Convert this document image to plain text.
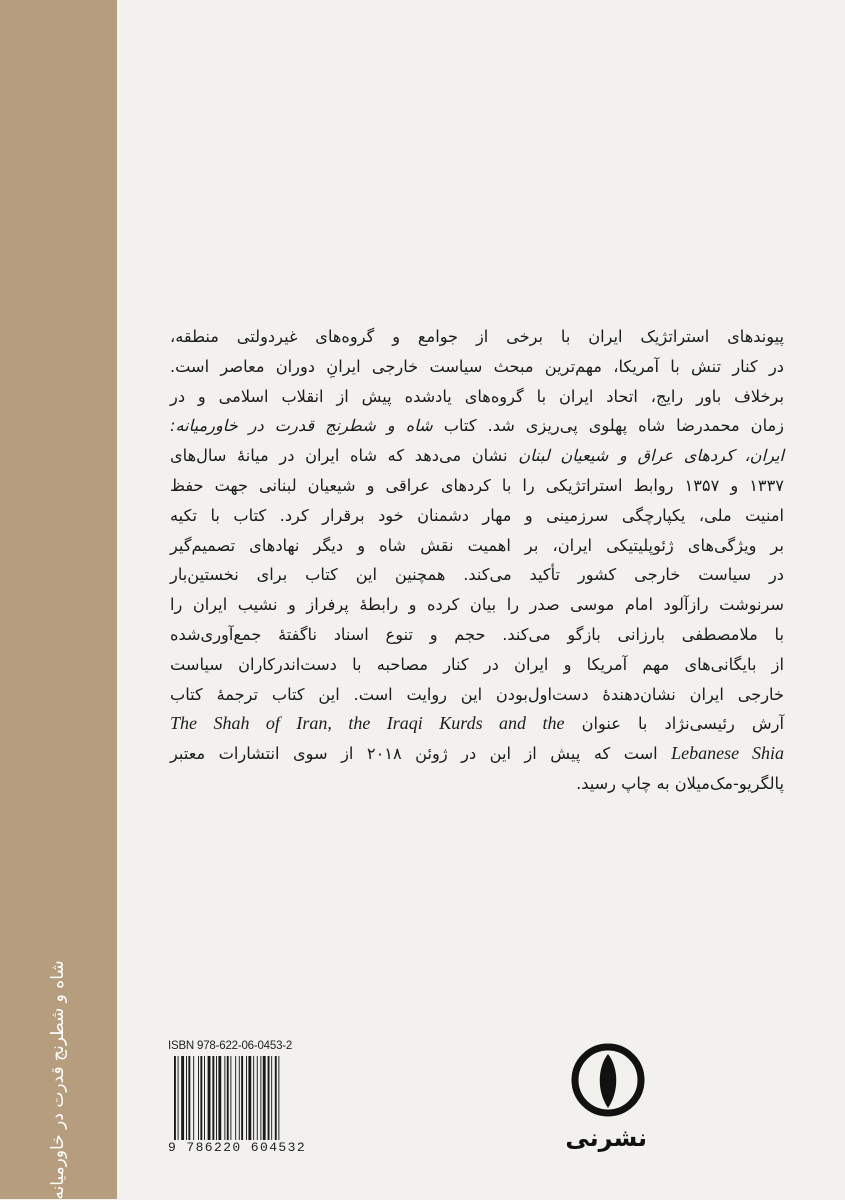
شاه و شطرنج قدرت در خاورمیانه
پیوندهای استراتژیک ایران با برخی از جوامع و گروه‌های غیردولتی منطقه،
در کنار تنش با آمریکا، مهم‌ترین مبحث سیاست خارجی ایرانِ دوران معاصر است.
برخلاف باور رایج، اتحاد ایران با گروه‌های یادشده پیش از انقلاب اسلامی و در
زمان محمدرضا شاه پهلوی پی‌ریزی شد. کتاب شاه و شطرنج قدرت در خاورمیانه:
ایران، کردهای عراق و شیعیان لبنان نشان می‌دهد که شاه ایران در میانهٔ سال‌های
۱۳۳۷ و ۱۳۵۷ روابط استراتژیکی را با کردهای عراقی و شیعیان لبنانی جهت حفظ
امنیت ملی، یکپارچگی سرزمینی و مهار دشمنان خود برقرار کرد. کتاب با تکیه
بر ویژگی‌های ژئوپلیتیکی ایران، بر اهمیت نقش شاه و دیگر نهادهای تصمیم‌گیر
در سیاست خارجی کشور تأکید می‌کند. همچنین این کتاب برای نخستین‌بار
سرنوشت رازآلود امام موسی صدر را بیان کرده و رابطهٔ پرفراز و نشیب ایران را
با ملامصطفی بارزانی بازگو می‌کند. حجم و تنوع اسناد ناگفتهٔ جمع‌آوری‌شده
از بایگانی‌های مهم آمریکا و ایران در کنار مصاحبه با دست‌اندرکاران سیاست
خارجی ایران نشان‌دهندهٔ دست‌اول‌بودن این روایت است. این کتاب ترجمهٔ کتاب
آرش رئیسی‌نژاد با عنوان The Shah of Iran, the Iraqi Kurds and the
Lebanese Shia است که پیش از این در ژوئن ۲۰۱۸ از سوی انتشارات معتبر
پالگریو-مک‌میلان به چاپ رسید.
ISBN 978-622-06-0453-2
9 786220 604532	نشرنی
